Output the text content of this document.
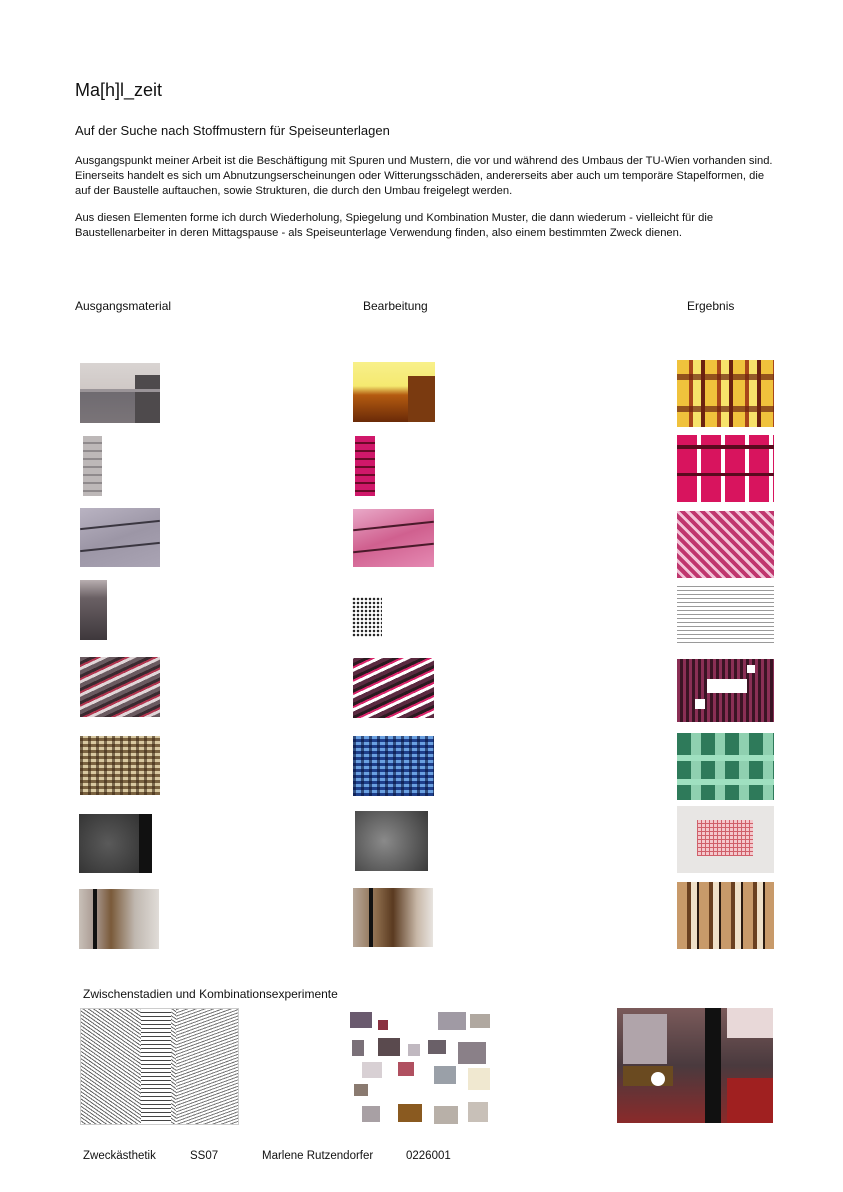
Ma[h]l_zeit
Auf der Suche nach Stoffmustern für Speiseunterlagen
Ausgangspunkt meiner Arbeit ist die Beschäftigung mit Spuren und Mustern, die vor und während des Umbaus der TU-Wien vorhanden sind. Einerseits handelt es sich um Abnutzungserscheinungen oder Witterungsschäden, andererseits aber auch um temporäre Stapelformen, die auf der Baustelle auftauchen, sowie Strukturen, die durch den Umbau freigelegt werden.
Aus diesen Elementen forme ich durch Wiederholung, Spiegelung und Kombination Muster, die dann wiederum - vielleicht für die Baustellenarbeiter in deren Mittagspause - als Speiseunterlage Verwendung finden, also einem bestimmten Zweck dienen.
Ausgangsmaterial	Bearbeitung	Ergebnis
Zwischenstadien und Kombinationsexperimente
Zweckästhetik	SS07	Marlene Rutzendorfer	0226001
